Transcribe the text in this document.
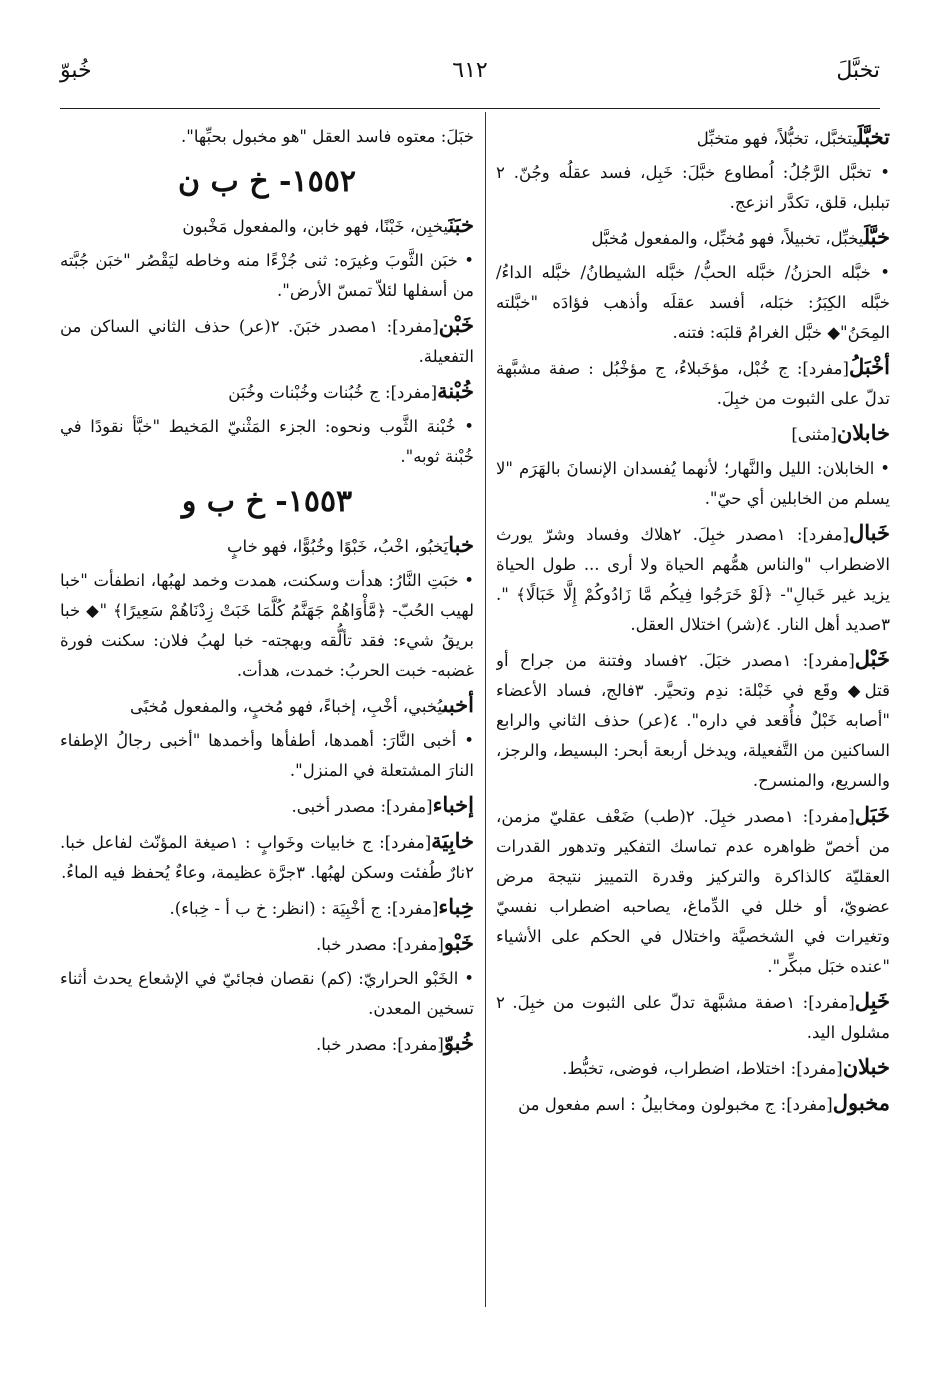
خُبوّ	٦١٢	تخبَّلَ

تخبَّلَيتخبَّل، تخبُّلاً، فهو متخبِّل

• تخبَّل الرَّجُلُ: اُمطاوع خبَّلَ: خَبِل، فسد عقلُه وجُنّ. ٢ تبلبل، قلق، تكدَّر انزعج.

خبَّلَيخبِّل، تخبيلاً، فهو مُخبِّل، والمفعول مُخبَّل

• خبَّله الحزنُ/ خبَّله الحبُّ/ خبَّله الشيطانُ/ خبَّله الداءُ/ خبَّله الكِبَرُ: خبَله، أفسد عقلَه وأذهب فؤادَه "خبَّلته المِحَنُ"◆ خبَّل الغرامُ قلبَه: فتنه.

أخْبَلُ[مفرد]: ج خُبْل، مؤخَبلاءُ، ج مؤخْبُل : صفة مشبَّهة تدلّ على الثبوت من خبِلَ.

خابلان[مثنى]

• الخابلان: الليل والنَّهار؛ لأنهما يُفسدان الإنسانَ بالهَرَم "لا يسلم من الخابلين أي حيّ".

خَبال[مفرد]: ١مصدر خبِلَ. ٢هلاك وفساد وشرّ يورث الاضطراب "والناس همُّهم الحياة ولا أرى ... طول الحياة يزيد غير خَبالِ"- ﴿لَوْ خَرَجُوا فِيكُم مَّا زَادُوكُمْ إِلَّا خَبَالًا﴾ ". ٣صديد أهل النار. ٤(شر) اختلال العقل.

خَبْل[مفرد]: ١مصدر خبَلَ. ٢فساد وفتنة من جراح أو قتل◆ وقَع في خَبْلة: ندِم وتحيَّر. ٣فالج، فساد الأعضاء "أصابه خَبْلٌ فأُقعد في داره". ٤(عر) حذف الثاني والرابع الساكنين من التَّفعيلة، ويدخل أربعة أبحر: البسيط، والرجز، والسريع، والمنسرح.

خَبَل[مفرد]: ١مصدر خبِلَ. ٢(طب) ضَعْف عقليّ مزمن، من أخصّ ظواهره عدم تماسك التفكير وتدهور القدرات العقليّة كالذاكرة والتركيز وقدرة التمييز نتيجة مرض عضويّ، أو خلل في الدِّماغ، يصاحبه اضطراب نفسيّ وتغيرات في الشخصيَّة واختلال في الحكم على الأشياء "عنده خبَل مبكِّر".

خَبِل[مفرد]: ١صفة مشبَّهة تدلّ على الثبوت من خبِلَ. ٢ مشلول اليد.

خبلان[مفرد]: اختلاط، اضطراب، فوضى، تخبُّط.

مخبول[مفرد]: ج مخبولون ومخابيلُ : اسم مفعول من

خبَلَ: معتوه فاسد العقل "هو مخبول بحبِّها".

١٥٥٢- خ ب ن

خبَنَيخبِن، خَبْنًا، فهو خابن، والمفعول مَخْبون

• خبَن الثَّوبَ وغيرَه: ثنى جُزْءًا منه وخاطه ليَقْصُر "خبَن جُبَّته من أسفلها لئلاّ تمسّ الأرض".

خَبْن[مفرد]: ١مصدر خبَنَ. ٢(عر) حذف الثاني الساكن من التفعيلة.

خُبْنة[مفرد]: ج خُبُنات وخُبْنات وخُبَن

• خُبْنة الثَّوب ونحوه: الجزء المَثْنيّ المَخيط "خبَّأ نقودًا في خُبْنة ثوبه".

١٥٥٣- خ ب و

خبايَخبُو، اخْبُ، خَبْوًا وخُبُوًّا، فهو خابٍ

• خبَتِ النَّارُ: هدأت وسكنت، همدت وخمد لهبُها، انطفأت "خبا لهيب الحُبّ- ﴿مَّأْوَاهُمْ جَهَنَّمُ كُلَّمَا خَبَتْ زِدْنَاهُمْ سَعِيرًا﴾ "◆ خبا بريقُ شيء: فقد تألُّقه وبهجته- خبا لهبُ فلان: سكنت فورة غضبه- خبت الحربُ: خمدت، هدأت.

أخبىيُخبي، أخْبِ، إخباءً، فهو مُخبٍ، والمفعول مُخبًى

• أخبى النَّارَ: أهمدها، أطفأها وأخمدها "أخبى رجالُ الإطفاء النارَ المشتعلة في المنزل".

إخباء[مفرد]: مصدر أخبى.

خابِيَة[مفرد]: ج خابيات وخَوابٍ : ١صيغة المؤنّث لفاعل خبا. ٢نارٌ طُفئت وسكن لهبُها. ٣جرَّة عظيمة، وعاءٌ يُحفظ فيه الماءُ.

خِباء[مفرد]: ج أخْبِيَة : (انظر: خ ب أ - خِباء).

خَبْو[مفرد]: مصدر خبا.

• الخَبْو الحراريّ: (كم) نقصان فجائيّ في الإشعاع يحدث أثناء تسخين المعدن.

خُبوّ[مفرد]: مصدر خبا.
